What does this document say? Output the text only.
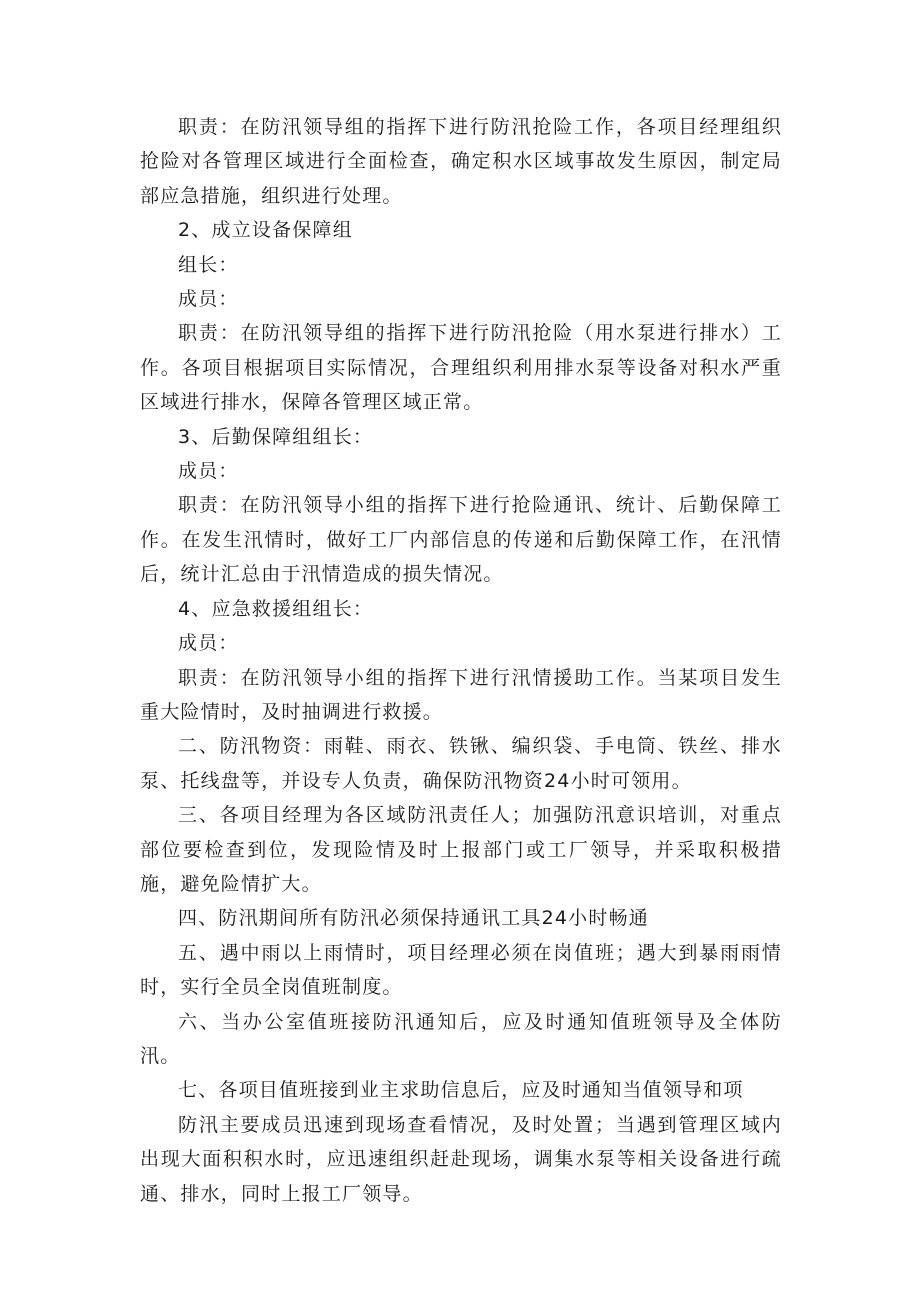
职责：在防汛领导组的指挥下进行防汛抢险工作，各项目经理组织抢险对各管理区域进行全面检查，确定积水区域事故发生原因，制定局部应急措施，组织进行处理。

2、成立设备保障组

组长：

成员：

职责：在防汛领导组的指挥下进行防汛抢险（用水泵进行排水）工作。各项目根据项目实际情况，合理组织利用排水泵等设备对积水严重区域进行排水，保障各管理区域正常。

3、后勤保障组组长：

成员：

职责：在防汛领导小组的指挥下进行抢险通讯、统计、后勤保障工作。在发生汛情时，做好工厂内部信息的传递和后勤保障工作，在汛情后，统计汇总由于汛情造成的损失情况。

4、应急救援组组长：

成员：

职责：在防汛领导小组的指挥下进行汛情援助工作。当某项目发生重大险情时，及时抽调进行救援。

二、防汛物资：雨鞋、雨衣、铁锹、编织袋、手电筒、铁丝、排水泵、托线盘等，并设专人负责，确保防汛物资24小时可领用。

三、各项目经理为各区域防汛责任人；加强防汛意识培训，对重点部位要检查到位，发现险情及时上报部门或工厂领导，并采取积极措施，避免险情扩大。

四、防汛期间所有防汛必须保持通讯工具24小时畅通

五、遇中雨以上雨情时，项目经理必须在岗值班；遇大到暴雨雨情时，实行全员全岗值班制度。

六、当办公室值班接防汛通知后，应及时通知值班领导及全体防汛。

七、各项目值班接到业主求助信息后，应及时通知当值领导和项

防汛主要成员迅速到现场查看情况，及时处置；当遇到管理区域内出现大面积积水时，应迅速组织赶赴现场，调集水泵等相关设备进行疏通、排水，同时上报工厂领导。
